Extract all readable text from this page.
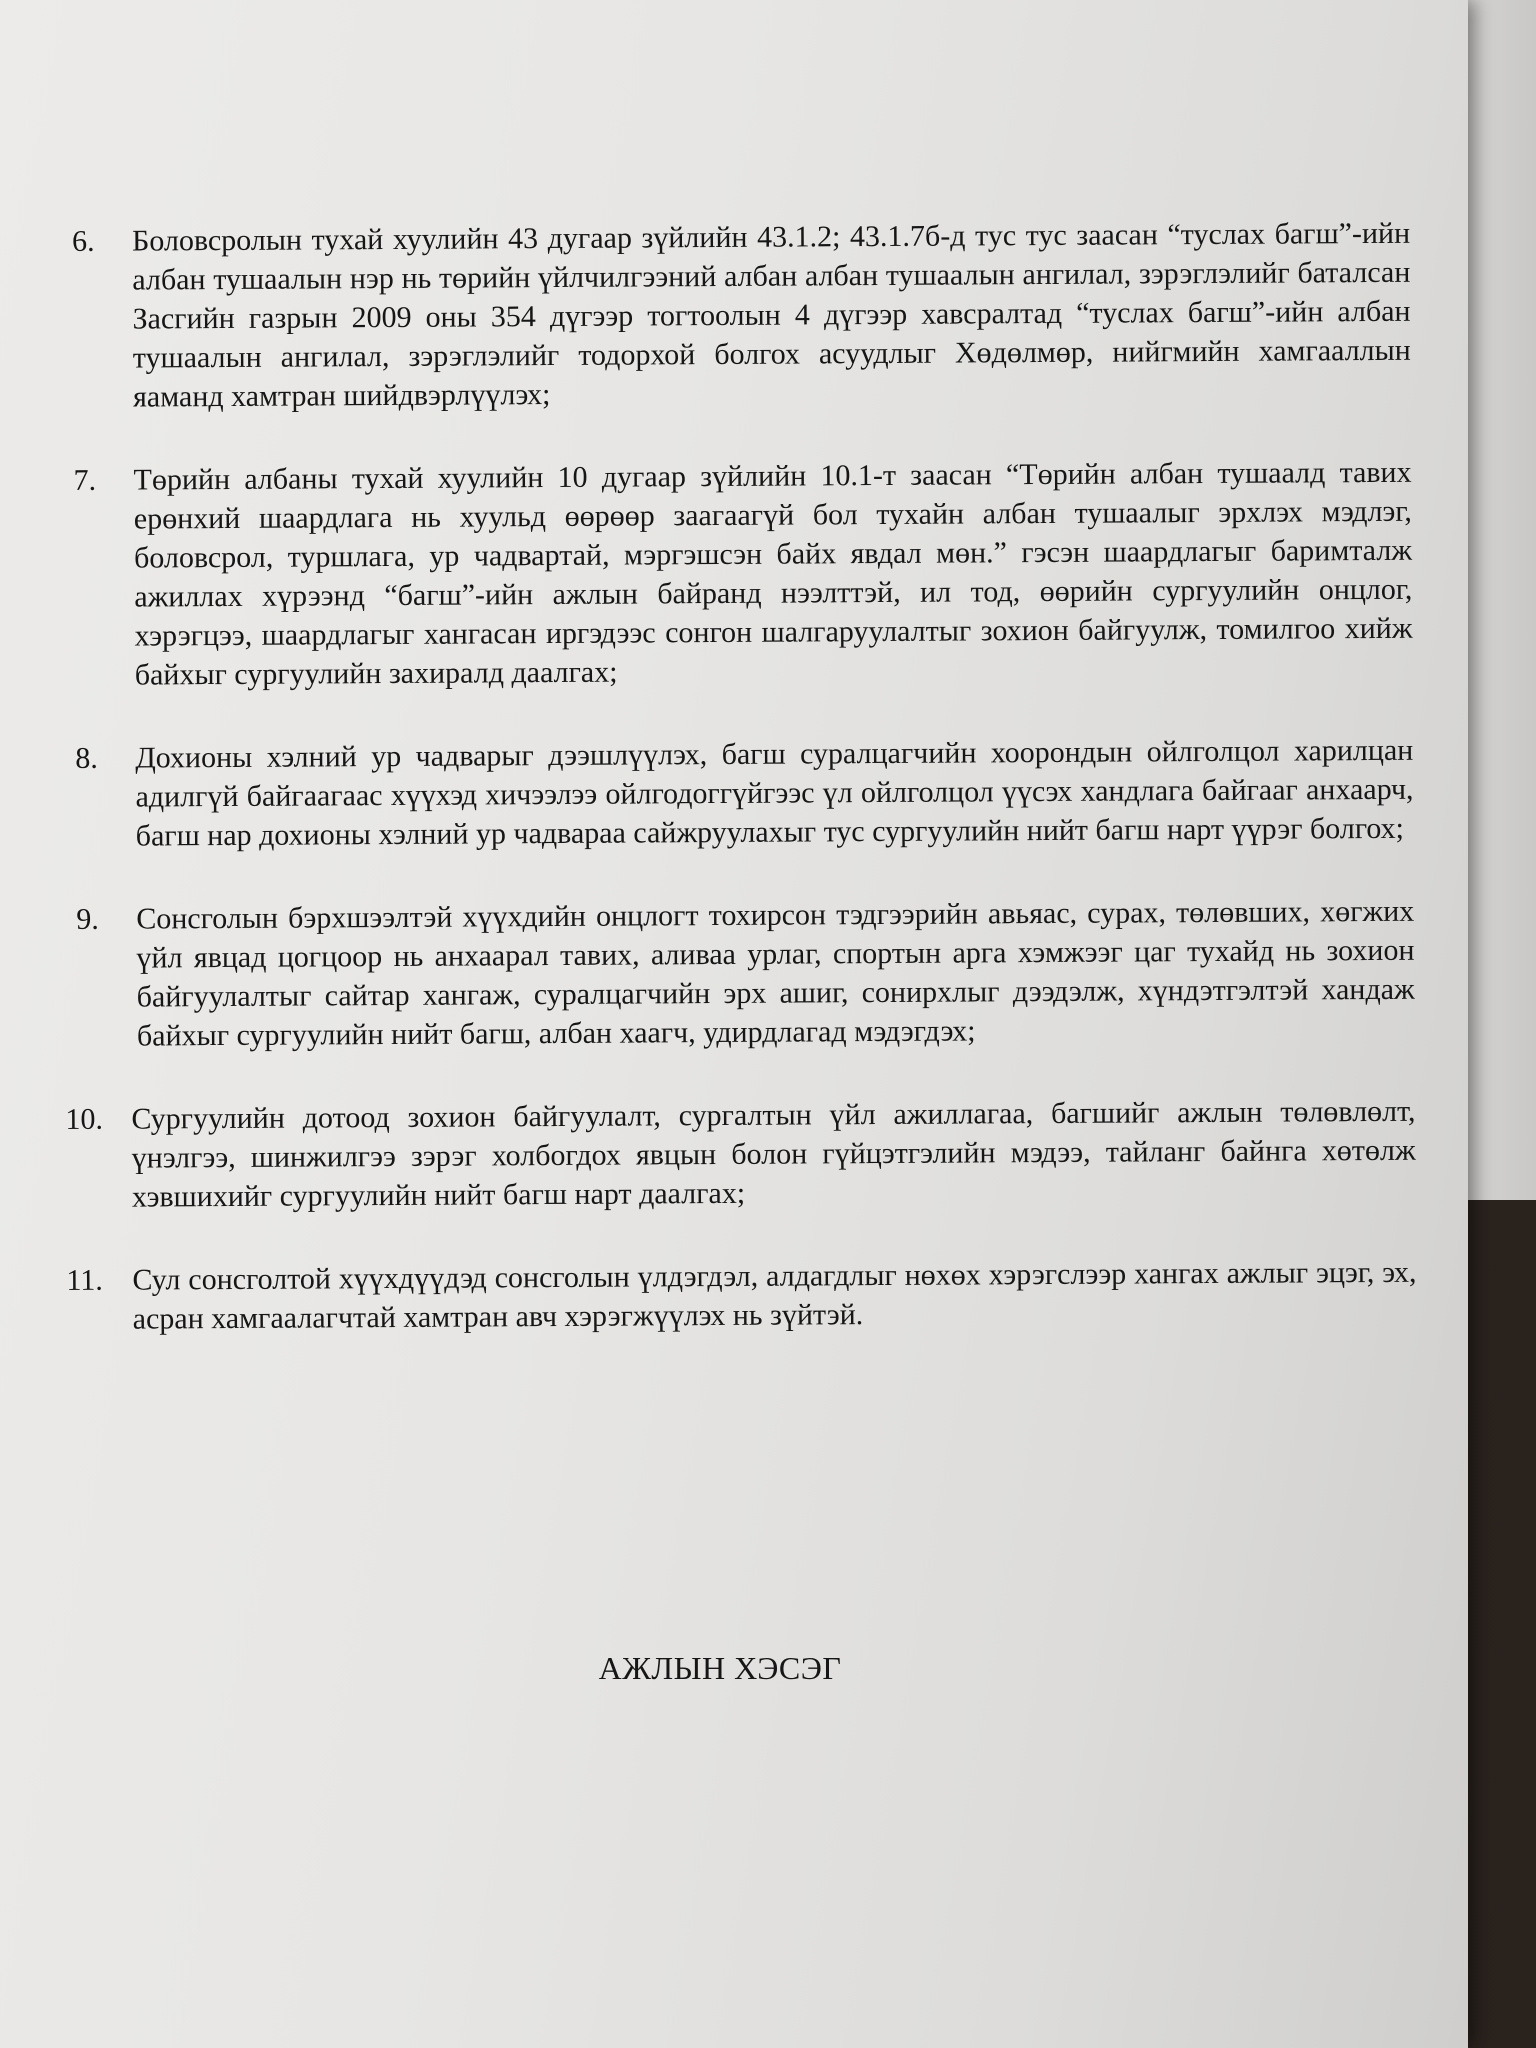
6. Боловсролын тухай хуулийн 43 дугаар зүйлийн 43.1.2; 43.1.7б-д тус тус заасан “туслах багш”-ийн албан тушаалын нэр нь төрийн үйлчилгээний албан албан тушаалын ангилал, зэрэглэлийг баталсан Засгийн газрын 2009 оны 354 дүгээр тогтоолын 4 дүгээр хавсралтад “туслах багш”-ийн албан тушаалын ангилал, зэрэглэлийг тодорхой болгох асуудлыг Хөдөлмөр, нийгмийн хамгааллын яаманд хамтран шийдвэрлүүлэх;
7. Төрийн албаны тухай хуулийн 10 дугаар зүйлийн 10.1-т заасан “Төрийн албан тушаалд тавих ерөнхий шаардлага нь хуульд өөрөөр заагаагүй бол тухайн албан тушаалыг эрхлэх мэдлэг, боловсрол, туршлага, ур чадвартай, мэргэшсэн байх явдал мөн.” гэсэн шаардлагыг баримталж ажиллах хүрээнд “багш”-ийн ажлын байранд нээлттэй, ил тод, өөрийн сургуулийн онцлог, хэрэгцээ, шаардлагыг хангасан иргэдээс сонгон шалгаруулалтыг зохион байгуулж, томилгоо хийж байхыг сургуулийн захиралд даалгах;
8. Дохионы хэлний ур чадварыг дээшлүүлэх, багш суралцагчийн хоорондын ойлголцол харилцан адилгүй байгаагаас хүүхэд хичээлээ ойлгодоггүйгээс үл ойлголцол үүсэх хандлага байгааг анхаарч, багш нар дохионы хэлний ур чадвараа сайжруулахыг тус сургуулийн нийт багш нарт үүрэг болгох;
9. Сонсголын бэрхшээлтэй хүүхдийн онцлогт тохирсон тэдгээрийн авьяас, сурах, төлөвших, хөгжих үйл явцад цогцоор нь анхаарал тавих, аливаа урлаг, спортын арга хэмжээг цаг тухайд нь зохион байгуулалтыг сайтар хангаж, суралцагчийн эрх ашиг, сонирхлыг дээдэлж, хүндэтгэлтэй хандаж байхыг сургуулийн нийт багш, албан хаагч, удирдлагад мэдэгдэх;
10. Сургуулийн дотоод зохион байгуулалт, сургалтын үйл ажиллагаа, багшийг ажлын төлөвлөлт, үнэлгээ, шинжилгээ зэрэг холбогдох явцын болон гүйцэтгэлийн мэдээ, тайланг байнга хөтөлж хэвшихийг сургуулийн нийт багш нарт даалгах;
11. Сул сонсголтой хүүхдүүдэд сонсголын үлдэгдэл, алдагдлыг нөхөх хэрэгслээр хангах ажлыг эцэг, эх, асран хамгаалагчтай хамтран авч хэрэгжүүлэх нь зүйтэй.
АЖЛЫН ХЭСЭГ
